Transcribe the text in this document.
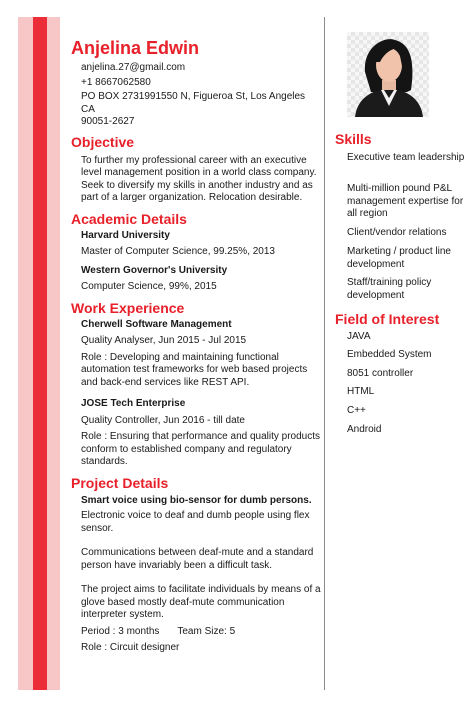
Anjelina Edwin
anjelina.27@gmail.com
+1 8667062580
PO BOX 2731991550 N, Figueroa St, Los Angeles CA
90051-2627
Objective
To further my professional career with an executive level management position in a world class company. Seek to diversify my skills in another industry and as part of a larger organization. Relocation desirable.
Academic Details
Harvard University
Master of Computer Science, 99.25%, 2013
Western Governor's University
Computer Science, 99%, 2015
Work Experience
Cherwell Software Management
Quality Analyser, Jun 2015 - Jul 2015
Role : Developing and maintaining functional automation test frameworks for web based projects and back-end services like REST API.
JOSE Tech Enterprise
Quality Controller, Jun 2016 - till date
Role : Ensuring that performance and quality products conform to established company and regulatory standards.
Project Details
Smart voice using bio-sensor for dumb persons.
Electronic voice to deaf and dumb people using flex sensor.
Communications between deaf-mute and a standard person have invariably been a difficult task.
The project aims to facilitate individuals by means of a glove based mostly deaf-mute communication interpreter system.
Period : 3 months Team Size: 5
Role : Circuit designer
Skills
Executive team leadership
Multi-million pound P&L management expertise for all region
Client/vendor relations
Marketing / product line development
Staff/training policy development
Field of Interest
JAVA
Embedded System
8051 controller
HTML
C++
Android
